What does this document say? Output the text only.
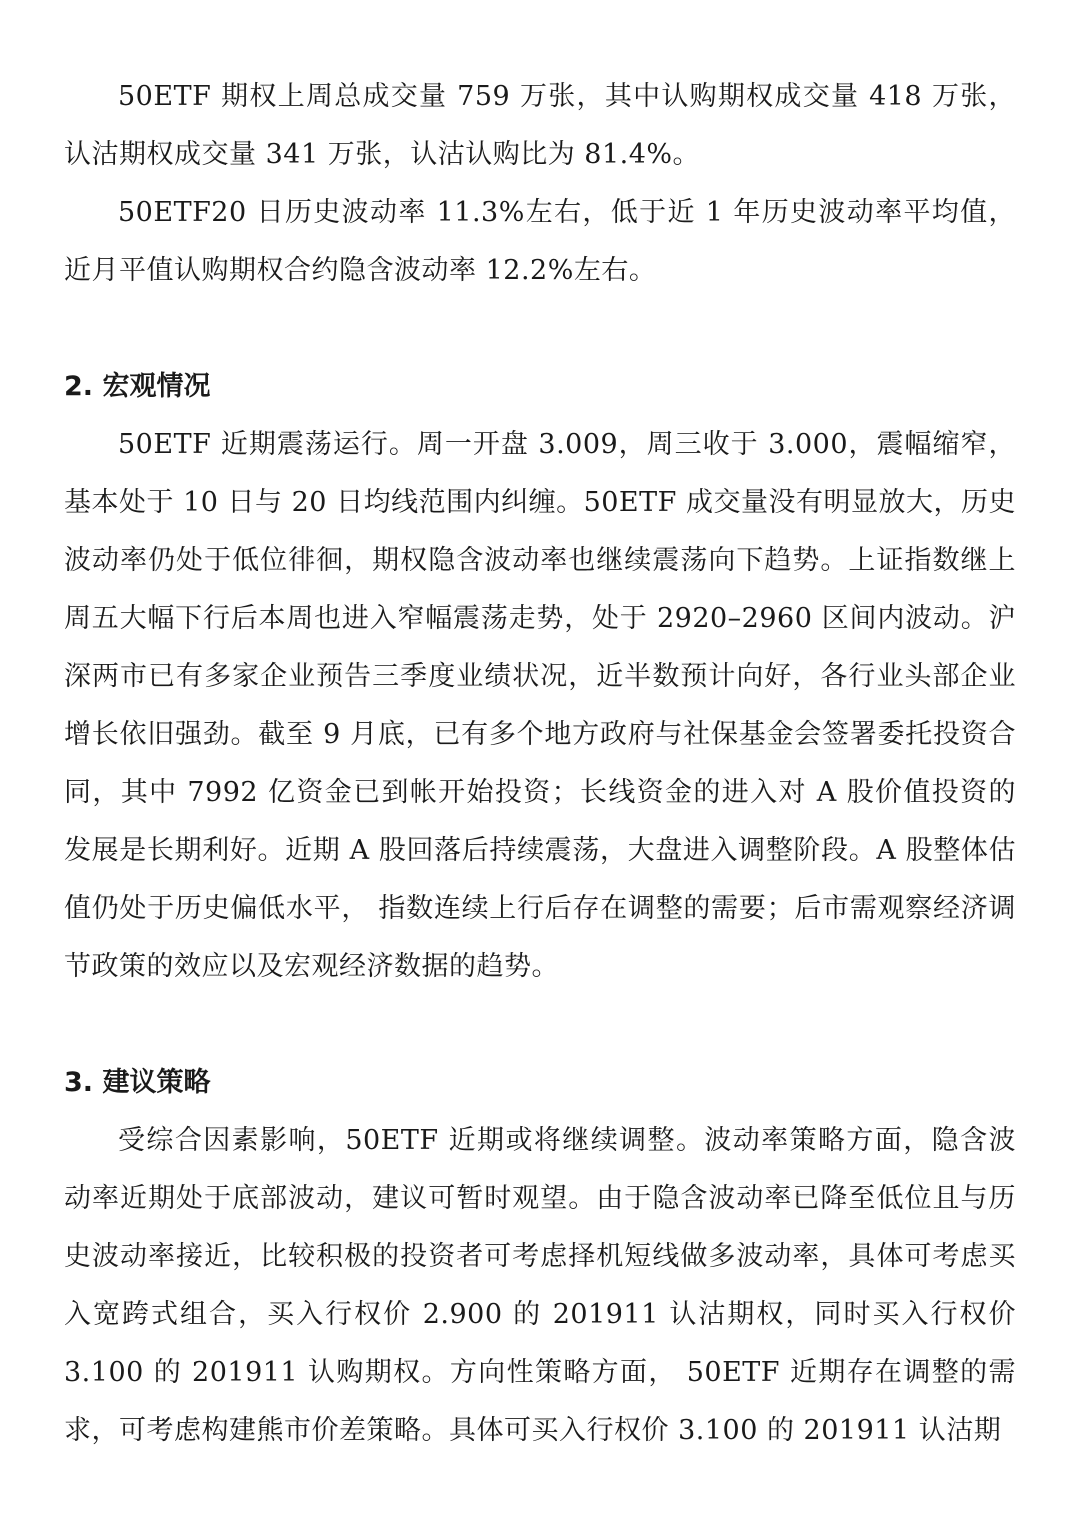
50ETF 期权上周总成交量 759 万张，其中认购期权成交量 418 万张，认沽期权成交量 341 万张，认沽认购比为 81.4%。

50ETF20 日历史波动率 11.3%左右，低于近 1 年历史波动率平均值，近月平值认购期权合约隐含波动率 12.2%左右。

2. 宏观情况

50ETF 近期震荡运行。周一开盘 3.009，周三收于 3.000，震幅缩窄，基本处于 10 日与 20 日均线范围内纠缠。50ETF 成交量没有明显放大，历史波动率仍处于低位徘徊，期权隐含波动率也继续震荡向下趋势。上证指数继上周五大幅下行后本周也进入窄幅震荡走势，处于 2920–2960 区间内波动。沪深两市已有多家企业预告三季度业绩状况，近半数预计向好，各行业头部企业增长依旧强劲。截至 9 月底，已有多个地方政府与社保基金会签署委托投资合同，其中 7992 亿资金已到帐开始投资；长线资金的进入对 A 股价值投资的发展是长期利好。近期 A 股回落后持续震荡，大盘进入调整阶段。A 股整体估值仍处于历史偏低水平， 指数连续上行后存在调整的需要；后市需观察经济调节政策的效应以及宏观经济数据的趋势。

3. 建议策略

受综合因素影响，50ETF 近期或将继续调整。波动率策略方面，隐含波动率近期处于底部波动，建议可暂时观望。由于隐含波动率已降至低位且与历史波动率接近，比较积极的投资者可考虑择机短线做多波动率，具体可考虑买入宽跨式组合，买入行权价 2.900 的 201911 认沽期权，同时买入行权价 3.100 的 201911 认购期权。方向性策略方面， 50ETF 近期存在调整的需求，可考虑构建熊市价差策略。具体可买入行权价 3.100 的 201911 认沽期
